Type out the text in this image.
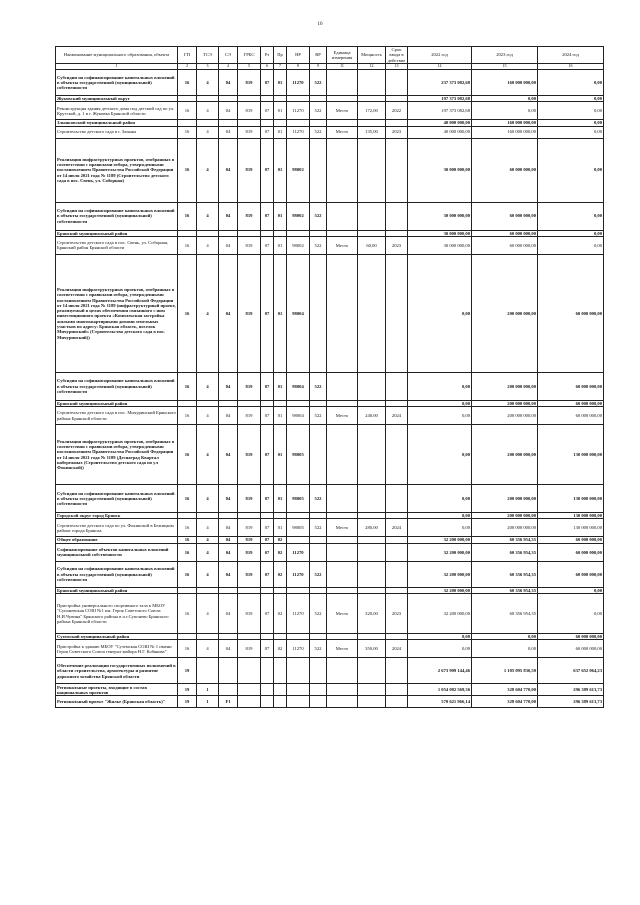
10
Наименование муниципального образования, объекта	ГП	ТСЭ	СЭ	ГРБС	Рз	Пр	НР	ВР	Единица измерения	Мощность	Срок ввода в действие	2022 год	2023 год	2024 год
1	2	3	4	5	6	7	8	9	11	12	13	14	15	16
Субсидии на софинансирование капитальных вложений в объекты государственной (муниципальной) собственности	16	4	04	819	07	01	11270	522				237 373 082,68	160 000 000,00	0,00
Жуковский муниципальный округ												197 373 082,68	0,00	0,00
Реконструкция здания детского дома под детский сад по ул. Крутской, д. 1 в г. Жуковка Брянской области	16	4	04	819	07	01	11270	522	Место	172,00	2022	197 373 082,68	0,00	0,00
Злынковский муниципальный район												40 000 000,00	160 000 000,00	0,00
Строительство детского сада в г. Злынка	16	4	04	819	07	01	11270	522	Место	135,00	2023	40 000 000,00	160 000 000,00	0,00
Реализация инфраструктурных проектов, отобранных в соответствии с правилами отбора, утвержденными постановлением Правительства Российской Федерации от 14 июля 2021 года № 1189 (Строительство детского сада в пос. Свень, ул. Соборная)	16	4	04	819	07	01	98002					30 000 000,00	60 000 000,00	0,00
Субсидии на софинансирование капитальных вложений в объекты государственной (муниципальной) собственности	16	4	04	819	07	01	98002	522				30 000 000,00	60 000 000,00	0,00
Брянский муниципальный район												30 000 000,00	60 000 000,00	0,00
Строительство детского сада в пос. Свень, ул. Соборная, Брянский район Брянской области	16	4	04	819	07	01	98002	522	Место	60,00	2023	30 000 000,00	60 000 000,00	0,00
Реализация инфраструктурных проектов, отобранных в соответствии с правилами отбора, утвержденными постановлением Правительства Российской Федерации от 14 июля 2021 года № 1189 (инфраструктурный проект, реализуемый в целях обеспечения связанного с ним инвестиционного проекта «Комплексная застройка жилыми многоквартирными домами земельных участков по адресу: Брянская область, поселок Мичуринский» (Строительство детского сада в пос. Мичуринский))	16	4	04	819	07	01	98004					0,00	200 000 000,00	60 000 000,00
Субсидии на софинансирование капитальных вложений в объекты государственной (муниципальной) собственности	16	4	04	819	07	01	98004	522				0,00	200 000 000,00	60 000 000,00
Брянский муниципальный район												0,00	200 000 000,00	60 000 000,00
Строительство детского сада в пос. Мичуринский Брянского района Брянской области	16	4	04	819	07	01	98004	522	Место	240,00	2024	0,00	200 000 000,00	60 000 000,00
Реализация инфраструктурных проектов, отобранных в соответствии с правилами отбора, утвержденными постановлением Правительства Российской Федерации от 14 июля 2021 года № 1189 (Деснаград Квартал набережных (Строительство детского сада по ул Фокинской))	16	4	04	819	07	01	98005					0,00	200 000 000,00	130 000 000,00
Субсидии на софинансирование капитальных вложений в объекты государственной (муниципальной) собственности	16	4	04	819	07	01	98005	522				0,00	200 000 000,00	130 000 000,00
Городской округ город Брянск												0,00	200 000 000,00	130 000 000,00
Строительство детского сада по ул. Фокинской в Бежицком районе города Брянска	16	4	04	819	07	01	98005	522	Место	280,00	2024	0,00	200 000 000,00	130 000 000,00
Общее образование	16	4	04	819	07	02						32 200 000,00	60 356 954,35	60 000 000,00
Софинансирование объектов капитальных вложений муниципальной собственности	16	4	04	819	07	02	11270					32 200 000,00	60 356 954,35	60 000 000,00
Субсидии на софинансирование капитальных вложений в объекты государственной (муниципальной) собственности	16	4	04	819	07	02	11270	522				32 200 000,00	60 356 954,35	60 000 000,00
Брянский муниципальный район												32 200 000,00	60 356 954,35	0,00
Пристройка универсального спортивного зала к МБОУ "Супоневская СОШ №1 им. Героя Советского Союза Н.И.Чувина" Брянского района в п.г.Супонево Брянского района Брянской области	16	4	04	819	07	02	11270	522	Место	320,00	2023	32 200 000,00	60 356 954,35	0,00
Суземский муниципальный район												0,00	0,00	60 000 000,00
Пристройка к зданию МБОУ "Суземская СОШ № 1 имени Героя Советского Союза генерал-майора Н.Г. Кобякова"	16	4	04	819	07	02	11270	522	Место	350,00	2024	0,00	0,00	60 000 000,00
Обеспечение реализации государственных полномочий в области строительства, архитектуры и развитие дорожного хозяйства Брянской области	19											2 673 909 144,46	1 105 095 836,50	637 652 064,23
Региональные проекты, входящие в состав национальных проектов	19	1										1 054 082 569,36	328 604 770,00	296 389 613,73
Региональный проект "Жилье (Брянская область)"	19	1	F1									570 621 966,14	328 604 770,00	296 389 613,73
